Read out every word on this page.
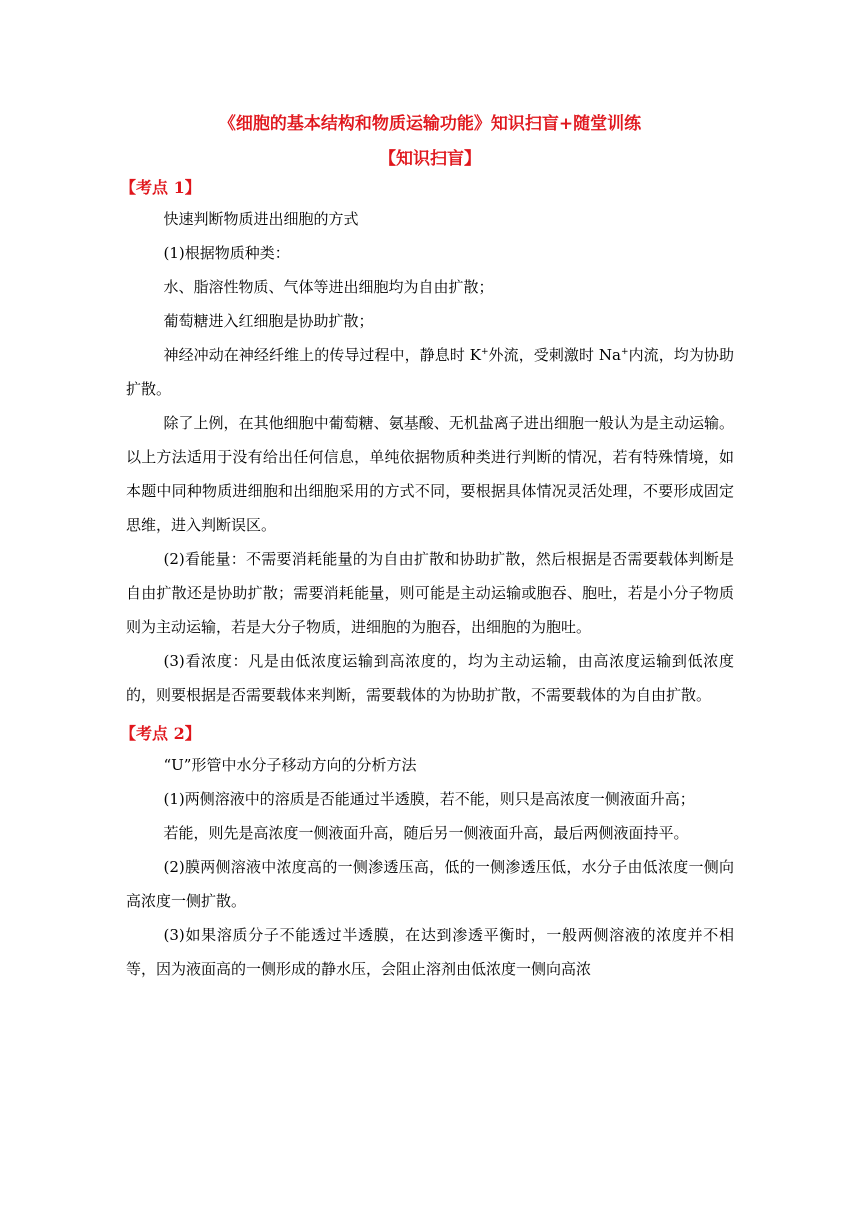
《细胞的基本结构和物质运输功能》知识扫盲+随堂训练
【知识扫盲】
【考点 1】

快速判断物质进出细胞的方式

(1)根据物质种类：

水、脂溶性物质、气体等进出细胞均为自由扩散；

葡萄糖进入红细胞是协助扩散；

神经冲动在神经纤维上的传导过程中，静息时 K+外流，受刺激时 Na+内流，均为协助扩散。

除了上例，在其他细胞中葡萄糖、氨基酸、无机盐离子进出细胞一般认为是主动运输。以上方法适用于没有给出任何信息，单纯依据物质种类进行判断的情况，若有特殊情境，如本题中同种物质进细胞和出细胞采用的方式不同，要根据具体情况灵活处理，不要形成固定思维，进入判断误区。

(2)看能量：不需要消耗能量的为自由扩散和协助扩散，然后根据是否需要载体判断是自由扩散还是协助扩散；需要消耗能量，则可能是主动运输或胞吞、胞吐，若是小分子物质则为主动运输，若是大分子物质，进细胞的为胞吞，出细胞的为胞吐。

(3)看浓度：凡是由低浓度运输到高浓度的，均为主动运输，由高浓度运输到低浓度的，则要根据是否需要载体来判断，需要载体的为协助扩散，不需要载体的为自由扩散。

【考点 2】

“U”形管中水分子移动方向的分析方法

(1)两侧溶液中的溶质是否能通过半透膜，若不能，则只是高浓度一侧液面升高；

若能，则先是高浓度一侧液面升高，随后另一侧液面升高，最后两侧液面持平。

(2)膜两侧溶液中浓度高的一侧渗透压高，低的一侧渗透压低，水分子由低浓度一侧向高浓度一侧扩散。

(3)如果溶质分子不能透过半透膜，在达到渗透平衡时，一般两侧溶液的浓度并不相等，因为液面高的一侧形成的静水压，会阻止溶剂由低浓度一侧向高浓
